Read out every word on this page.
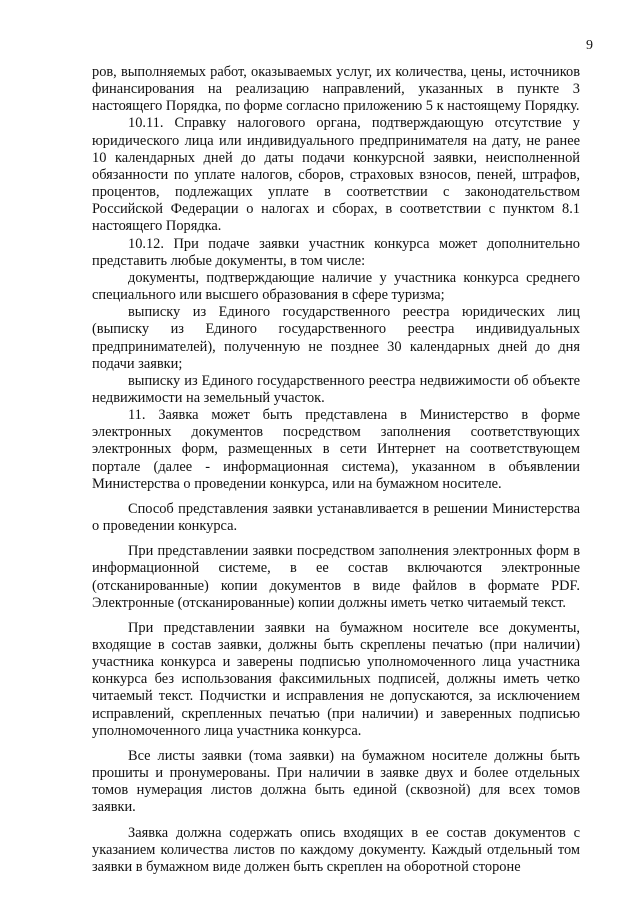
9

ров, выполняемых работ, оказываемых услуг, их количества, цены, источников финансирования на реализацию направлений, указанных в пункте 3 настоящего Порядка, по форме согласно приложению 5 к настоящему Порядку.

10.11. Справку налогового органа, подтверждающую отсутствие у юридического лица или индивидуального предпринимателя на дату, не ранее 10 календарных дней до даты подачи конкурсной заявки, неисполненной обязанности по уплате налогов, сборов, страховых взносов, пеней, штрафов, процентов, подлежащих уплате в соответствии с законодательством Российской Федерации о налогах и сборах, в соответствии с пунктом 8.1 настоящего Порядка.

10.12. При подаче заявки участник конкурса может дополнительно представить любые документы, в том числе:

документы, подтверждающие наличие у участника конкурса среднего специального или высшего образования в сфере туризма;

выписку из Единого государственного реестра юридических лиц (выписку из Единого государственного реестра индивидуальных предпринимателей), полученную не позднее 30 календарных дней до дня подачи заявки;

выписку из Единого государственного реестра недвижимости об объекте недвижимости на земельный участок.

11. Заявка может быть представлена в Министерство в форме электронных документов посредством заполнения соответствующих электронных форм, размещенных в сети Интернет на соответствующем портале (далее - информационная система), указанном в объявлении Министерства о проведении конкурса, или на бумажном носителе.

Способ представления заявки устанавливается в решении Министерства о проведении конкурса.

При представлении заявки посредством заполнения электронных форм в информационной системе, в ее состав включаются электронные (отсканированные) копии документов в виде файлов в формате PDF. Электронные (отсканированные) копии должны иметь четко читаемый текст.

При представлении заявки на бумажном носителе все документы, входящие в состав заявки, должны быть скреплены печатью (при наличии) участника конкурса и заверены подписью уполномоченного лица участника конкурса без использования факсимильных подписей, должны иметь четко читаемый текст. Подчистки и исправления не допускаются, за исключением исправлений, скрепленных печатью (при наличии) и заверенных подписью уполномоченного лица участника конкурса.

Все листы заявки (тома заявки) на бумажном носителе должны быть прошиты и пронумерованы. При наличии в заявке двух и более отдельных томов нумерация листов должна быть единой (сквозной) для всех томов заявки.

Заявка должна содержать опись входящих в ее состав документов с указанием количества листов по каждому документу. Каждый отдельный том заявки в бумажном виде должен быть скреплен на оборотной стороне
